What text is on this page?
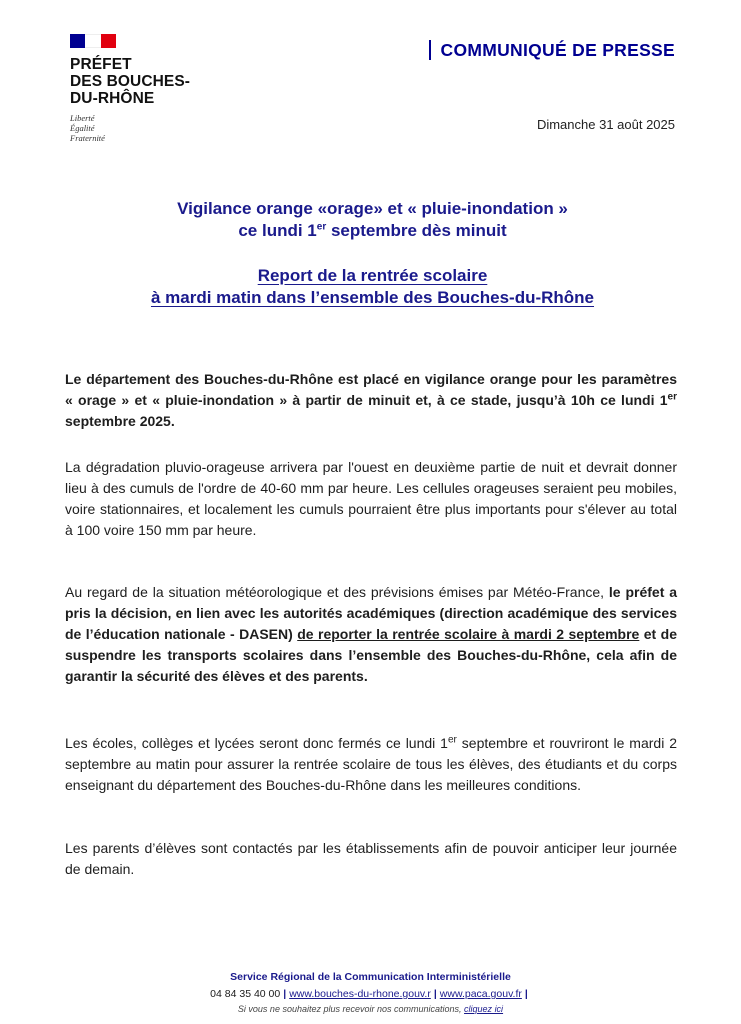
PRÉFET
DES BOUCHES-
DU-RHÔNE
Liberté
Égalité
Fraternité
COMMUNIQUÉ DE PRESSE
Dimanche 31 août 2025
Vigilance orange «orage» et « pluie-inondation »
ce lundi 1er septembre dès minuit
Report de la rentrée scolaire
à mardi matin dans l’ensemble des Bouches-du-Rhône
Le département des Bouches-du-Rhône est placé en vigilance orange pour les paramètres « orage » et « pluie-inondation » à partir de minuit et, à ce stade, jusqu’à 10h ce lundi 1er septembre 2025.
La dégradation pluvio-orageuse arrivera par l'ouest en deuxième partie de nuit et devrait donner lieu à des cumuls de l'ordre de 40-60 mm par heure. Les cellules orageuses seraient peu mobiles, voire stationnaires, et localement les cumuls pourraient être plus importants pour s'élever au total à 100 voire 150 mm par heure.
Au regard de la situation météorologique et des prévisions émises par Météo-France, le préfet a pris la décision, en lien avec les autorités académiques (direction académique des services de l’éducation nationale - DASEN) de reporter la rentrée scolaire à mardi 2 septembre et de suspendre les transports scolaires dans l’ensemble des Bouches-du-Rhône, cela afin de garantir la sécurité des élèves et des parents.
Les écoles, collèges et lycées seront donc fermés ce lundi 1er septembre et rouvriront le mardi 2 septembre au matin pour assurer la rentrée scolaire de tous les élèves, des étudiants et du corps enseignant du département des Bouches-du-Rhône dans les meilleures conditions.
Les parents d’élèves sont contactés par les établissements afin de pouvoir anticiper leur journée de demain.
Service Régional de la Communication Interministérielle
04 84 35 40 00 | www.bouches-du-rhone.gouv.r | www.paca.gouv.fr |
Si vous ne souhaitez plus recevoir nos communications, cliquez ici
